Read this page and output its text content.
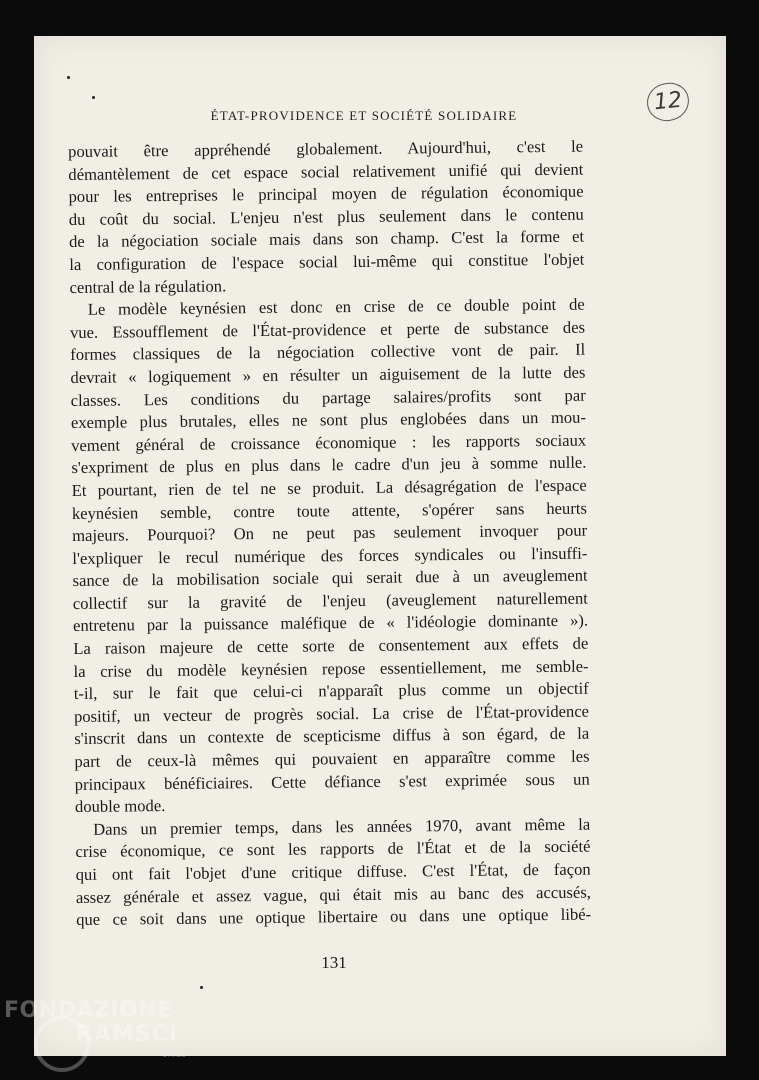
ÉTAT-PROVIDENCE ET SOCIÉTÉ SOLIDAIRE
12
pouvait être appréhendé globalement. Aujourd'hui, c'est le
démantèlement de cet espace social relativement unifié qui devient
pour les entreprises le principal moyen de régulation économique
du coût du social. L'enjeu n'est plus seulement dans le contenu
de la négociation sociale mais dans son champ. C'est la forme et
la configuration de l'espace social lui-même qui constitue l'objet
central de la régulation.
Le modèle keynésien est donc en crise de ce double point de
vue. Essoufflement de l'État-providence et perte de substance des
formes classiques de la négociation collective vont de pair. Il
devrait « logiquement » en résulter un aiguisement de la lutte des
classes. Les conditions du partage salaires/profits sont par
exemple plus brutales, elles ne sont plus englobées dans un mou-
vement général de croissance économique : les rapports sociaux
s'expriment de plus en plus dans le cadre d'un jeu à somme nulle.
Et pourtant, rien de tel ne se produit. La désagrégation de l'espace
keynésien semble, contre toute attente, s'opérer sans heurts
majeurs. Pourquoi? On ne peut pas seulement invoquer pour
l'expliquer le recul numérique des forces syndicales ou l'insuffi-
sance de la mobilisation sociale qui serait due à un aveuglement
collectif sur la gravité de l'enjeu (aveuglement naturellement
entretenu par la puissance maléfique de « l'idéologie dominante »).
La raison majeure de cette sorte de consentement aux effets de
la crise du modèle keynésien repose essentiellement, me semble-
t-il, sur le fait que celui-ci n'apparaît plus comme un objectif
positif, un vecteur de progrès social. La crise de l'État-providence
s'inscrit dans un contexte de scepticisme diffus à son égard, de la
part de ceux-là mêmes qui pouvaient en apparaître comme les
principaux bénéficiaires. Cette défiance s'est exprimée sous un
double mode.
Dans un premier temps, dans les années 1970, avant même la
crise économique, ce sont les rapports de l'État et de la société
qui ont fait l'objet d'une critique diffuse. C'est l'État, de façon
assez générale et assez vague, qui était mis au banc des accusés,
que ce soit dans une optique libertaire ou dans une optique libé-
131
FONDAZIONE
RAMSCI
onlus
